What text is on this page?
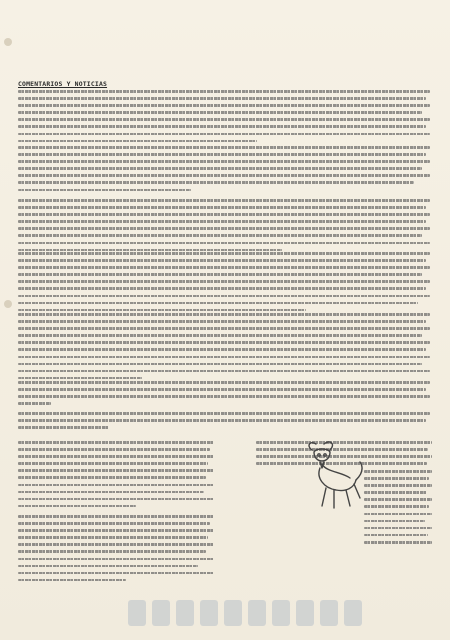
COMENTARIOS Y NOTICIAS
